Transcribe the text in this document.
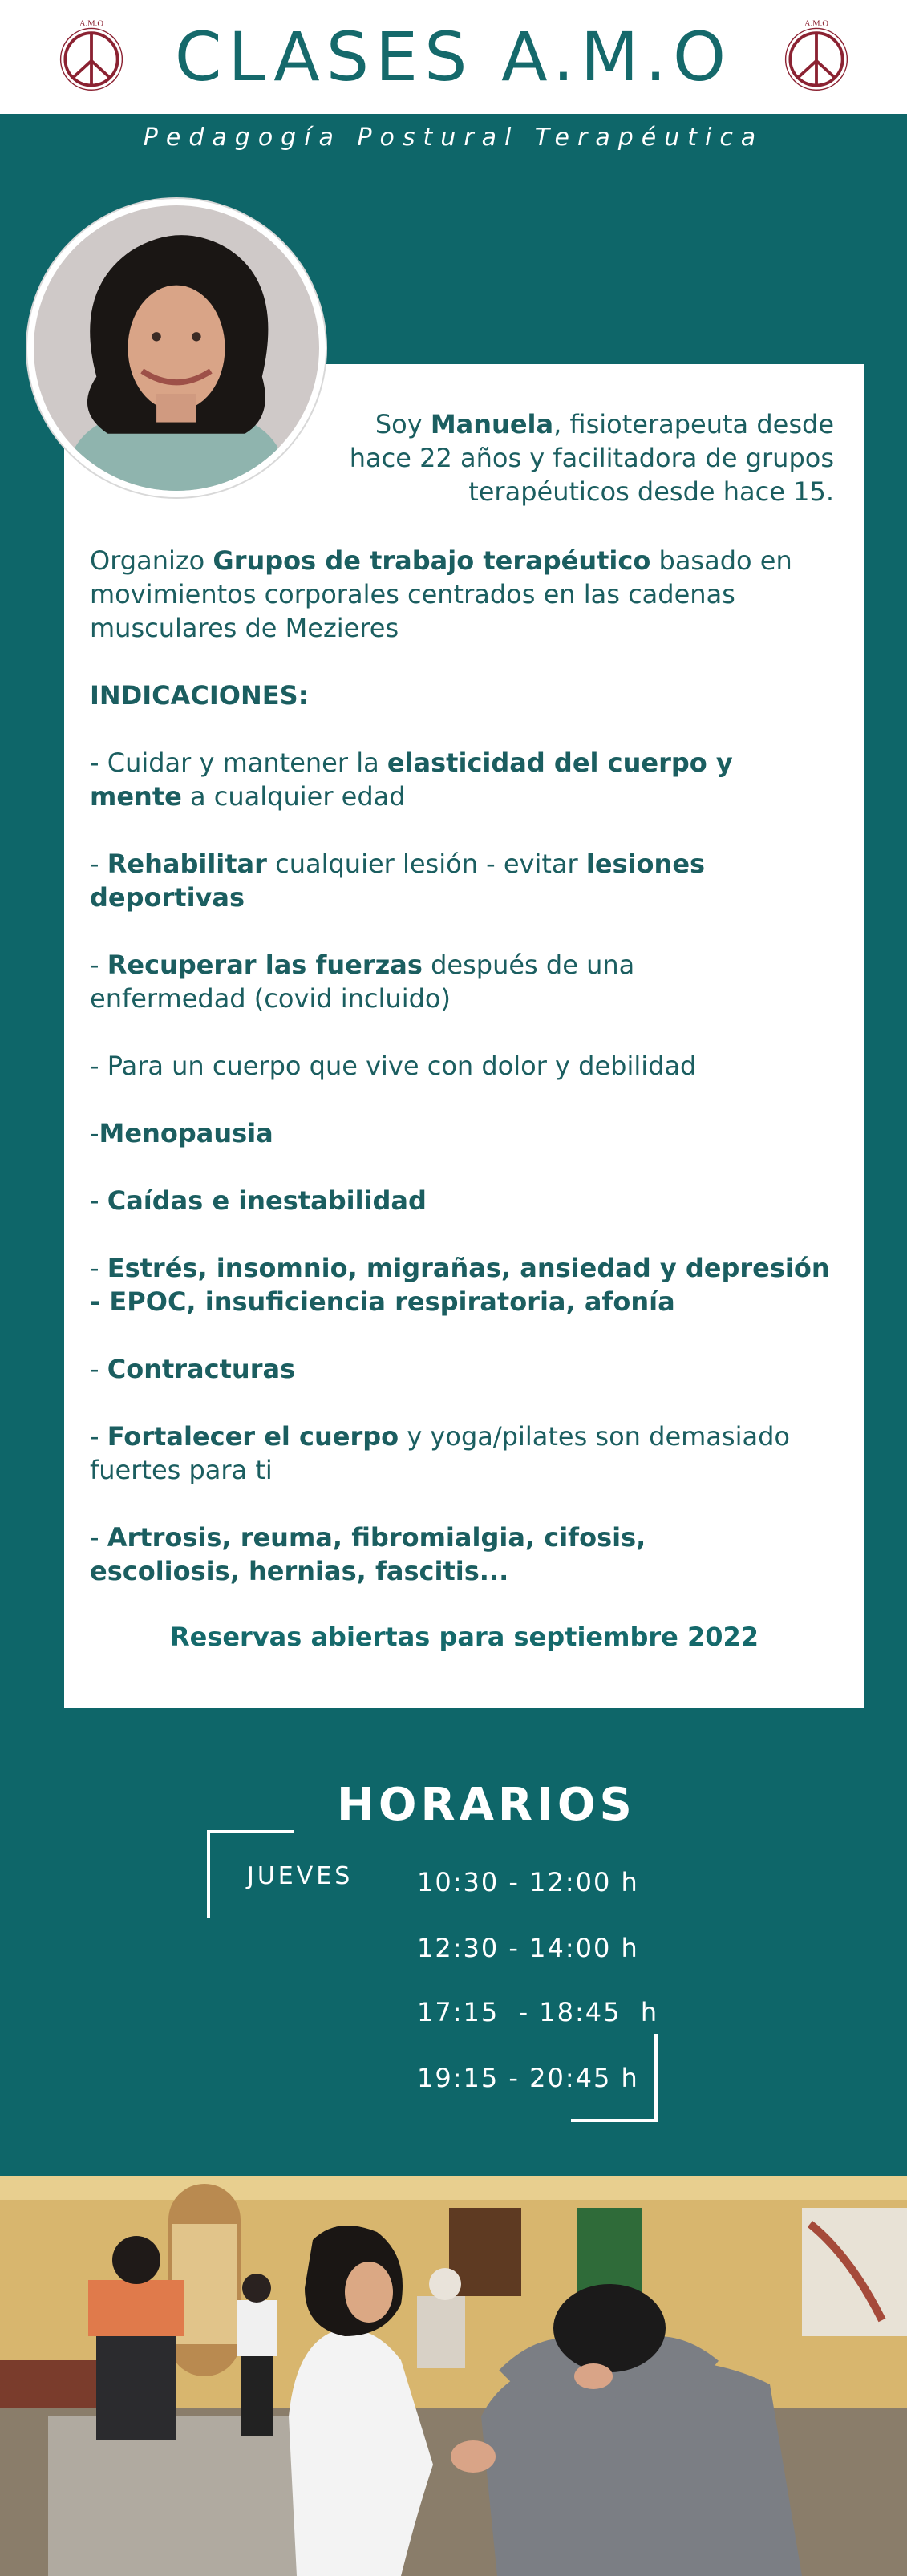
A.M.O	CLASES A.M.O	A.M.O
Pedagogía Postural Terapéutica
Soy Manuela, fisioterapeuta desde
hace 22 años y facilitadora de grupos
terapéuticos desde hace 15.
Organizo Grupos de trabajo terapéutico basado en movimientos corporales centrados en las cadenas musculares de Mezieres
INDICACIONES:
- Cuidar y mantener la elasticidad del cuerpo y mente a cualquier edad
- Rehabilitar cualquier lesión - evitar lesiones deportivas
- Recuperar las fuerzas después de una enfermedad (covid incluido)
- Para un cuerpo que vive con dolor y debilidad
-Menopausia
- Caídas e inestabilidad
- Estrés, insomnio, migrañas, ansiedad y depresión
- EPOC, insuficiencia respiratoria, afonía
- Contracturas
- Fortalecer el cuerpo y yoga/pilates son demasiado fuertes para ti
- Artrosis, reuma, fibromialgia, cifosis, escoliosis, hernias, fascitis...
Reservas abiertas para septiembre 2022
HORARIOS
JUEVES 10:30 - 12:00 h
12:30 - 14:00 h
17:15  - 18:45  h
19:15 - 20:45 h
